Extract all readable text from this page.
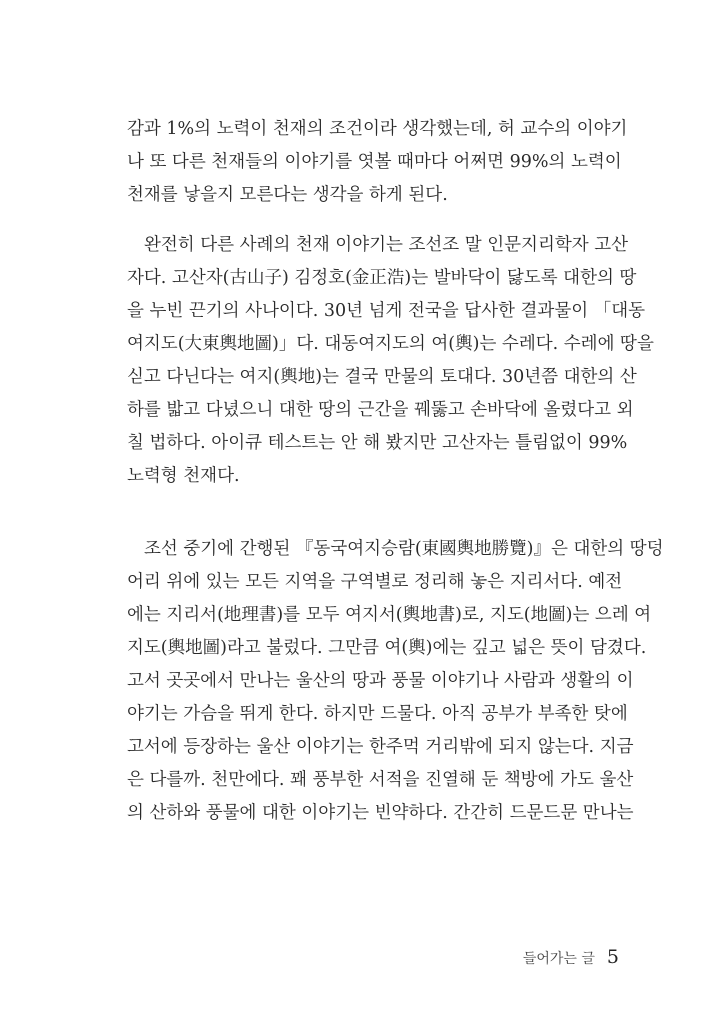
감과 1%의 노력이 천재의 조건이라 생각했는데, 허 교수의 이야기
나 또 다른 천재들의 이야기를 엿볼 때마다 어쩌면 99%의 노력이
천재를 낳을지 모른다는 생각을 하게 된다.
완전히 다른 사례의 천재 이야기는 조선조 말 인문지리학자 고산
자다. 고산자(古山子) 김정호(金正浩)는 발바닥이 닳도록 대한의 땅
을 누빈 끈기의 사나이다. 30년 넘게 전국을 답사한 결과물이 「대동
여지도(大東輿地圖)」다. 대동여지도의 여(輿)는 수레다. 수레에 땅을
싣고 다닌다는 여지(輿地)는 결국 만물의 토대다. 30년쯤 대한의 산
하를 밟고 다녔으니 대한 땅의 근간을 꿰뚫고 손바닥에 올렸다고 외
칠 법하다. 아이큐 테스트는 안 해 봤지만 고산자는 틀림없이 99%
노력형 천재다.
조선 중기에 간행된 『동국여지승람(東國輿地勝覽)』은 대한의 땅덩
어리 위에 있는 모든 지역을 구역별로 정리해 놓은 지리서다. 예전
에는 지리서(地理書)를 모두 여지서(輿地書)로, 지도(地圖)는 으레 여
지도(輿地圖)라고 불렀다. 그만큼 여(輿)에는 깊고 넓은 뜻이 담겼다.
고서 곳곳에서 만나는 울산의 땅과 풍물 이야기나 사람과 생활의 이
야기는 가슴을 뛰게 한다. 하지만 드물다. 아직 공부가 부족한 탓에
고서에 등장하는 울산 이야기는 한주먹 거리밖에 되지 않는다. 지금
은 다를까. 천만에다. 꽤 풍부한 서적을 진열해 둔 책방에 가도 울산
의 산하와 풍물에 대한 이야기는 빈약하다. 간간히 드문드문 만나는
들어가는 글 5
